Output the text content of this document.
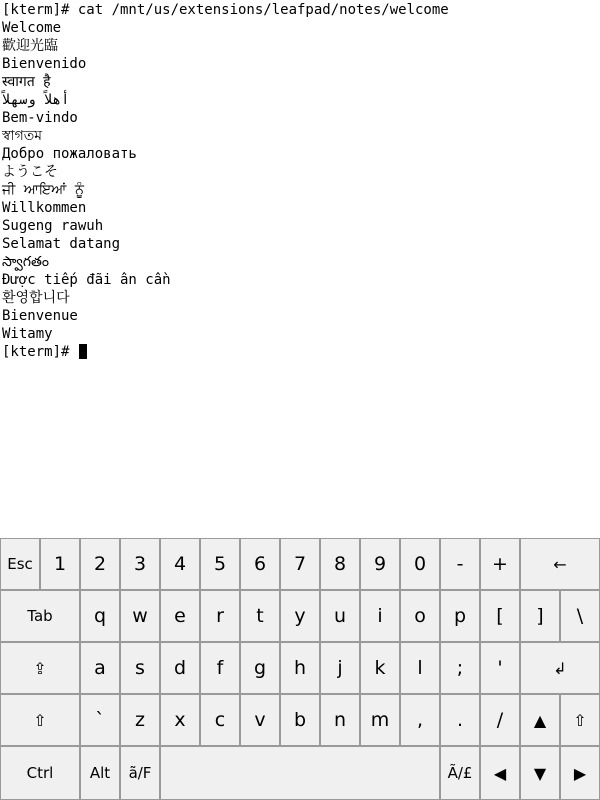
[kterm]# cat /mnt/us/extensions/leafpad/notes/welcome
Welcome
歡迎光臨
Bienvenido
स्वागत है
أهلاً وسهلاً
Bem-vindo
স্বাগতম
Добро пожаловать
ようこそ
ਜੀ ਆਇਆਂ ਨੂੰ
Willkommen
Sugeng rawuh
Selamat datang
స్వాగతం
Được tiếp đãi ân cần
환영합니다
Bienvenue
Witamy
[kterm]#
Esc 1 2 3 4 5 6 7 8 9 0 - +	←
Tab q w e r t y u i o p [ ] \
⇪ a s d f g h j k l ; '	↲
⇧	` z x c v b n m , . / ▲ ⇧
Ctrl Alt ã/F	Ã/£ ◀ ▼ ▶
